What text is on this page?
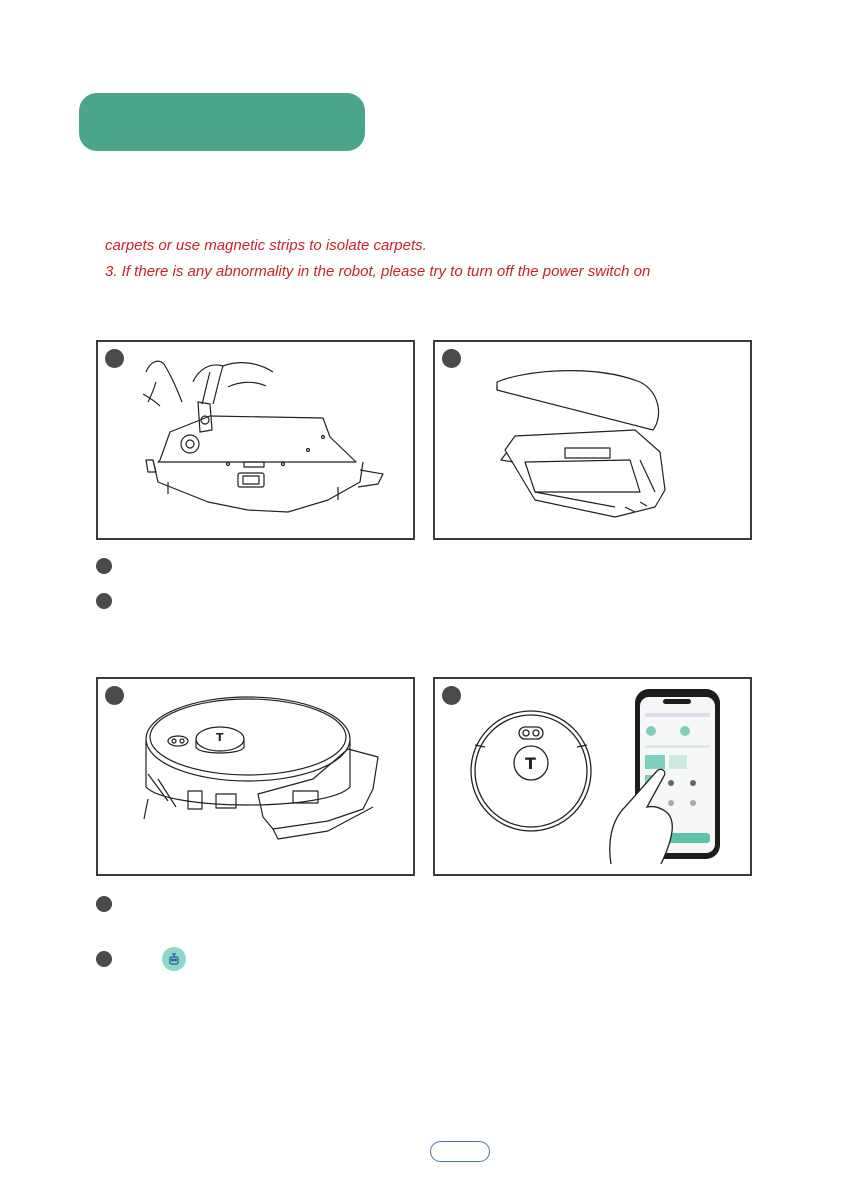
carpets or use magnetic strips to isolate carpets.
3. If there is any abnormality in the robot, please try to turn off the power switch on
T
T
